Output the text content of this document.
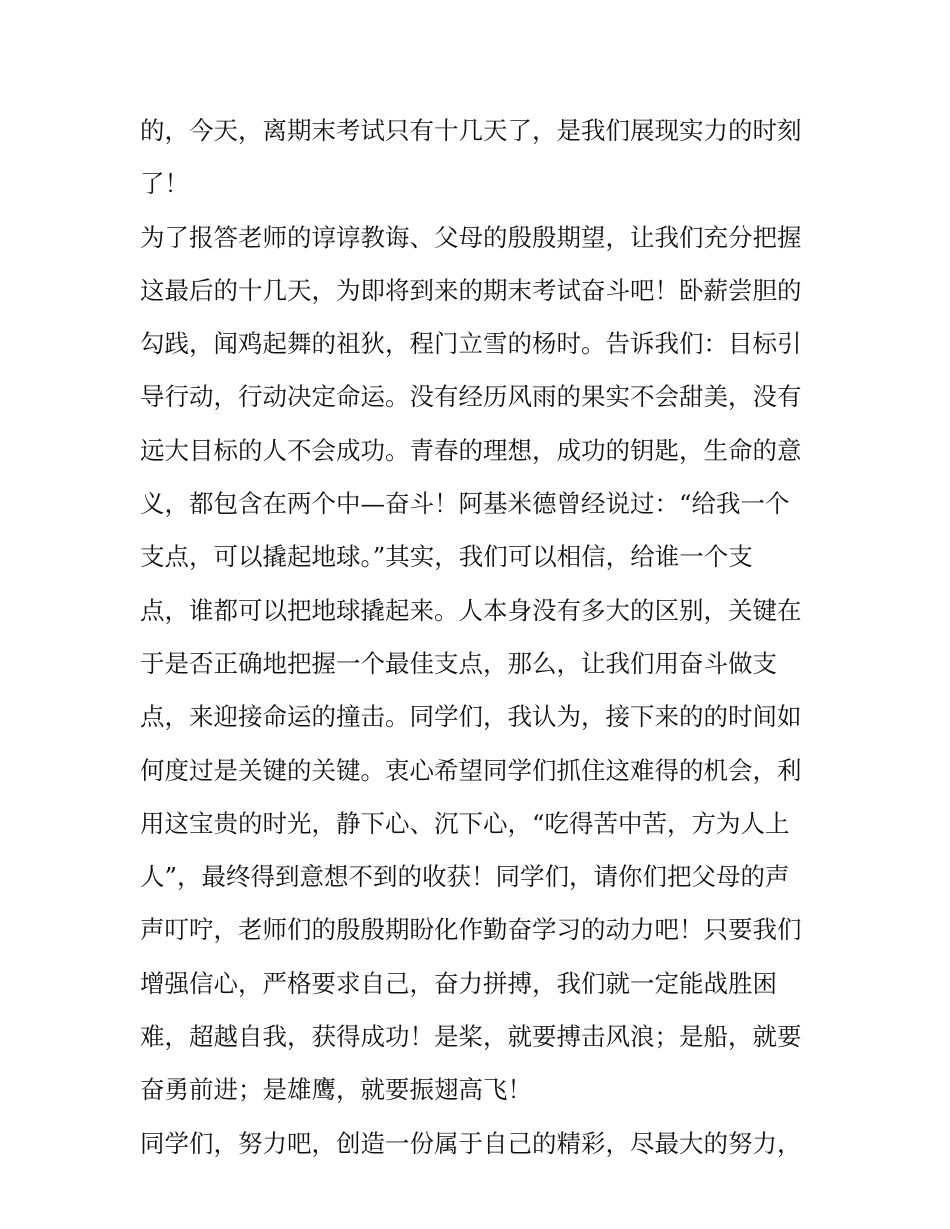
的，今天，离期末考试只有十几天了，是我们展现实力的时刻
了！
为了报答老师的谆谆教诲、父母的殷殷期望，让我们充分把握
这最后的十几天，为即将到来的期末考试奋斗吧！卧薪尝胆的
勾践，闻鸡起舞的祖狄，程门立雪的杨时。告诉我们：目标引
导行动，行动决定命运。没有经历风雨的果实不会甜美，没有
远大目标的人不会成功。青春的理想，成功的钥匙，生命的意
义，都包含在两个中—奋斗！阿基米德曾经说过：“给我一个
支点，可以撬起地球。”其实，我们可以相信，给谁一个支
点，谁都可以把地球撬起来。人本身没有多大的区别，关键在
于是否正确地把握一个最佳支点，那么，让我们用奋斗做支
点，来迎接命运的撞击。同学们，我认为，接下来的的时间如
何度过是关键的关键。衷心希望同学们抓住这难得的机会，利
用这宝贵的时光，静下心、沉下心，“吃得苦中苦，方为人上
人”，最终得到意想不到的收获！同学们，请你们把父母的声
声叮咛，老师们的殷殷期盼化作勤奋学习的动力吧！只要我们
增强信心，严格要求自己，奋力拼搏，我们就一定能战胜困
难，超越自我，获得成功！是桨，就要搏击风浪；是船，就要
奋勇前进；是雄鹰，就要振翅高飞！
同学们，努力吧，创造一份属于自己的精彩，尽最大的努力，
